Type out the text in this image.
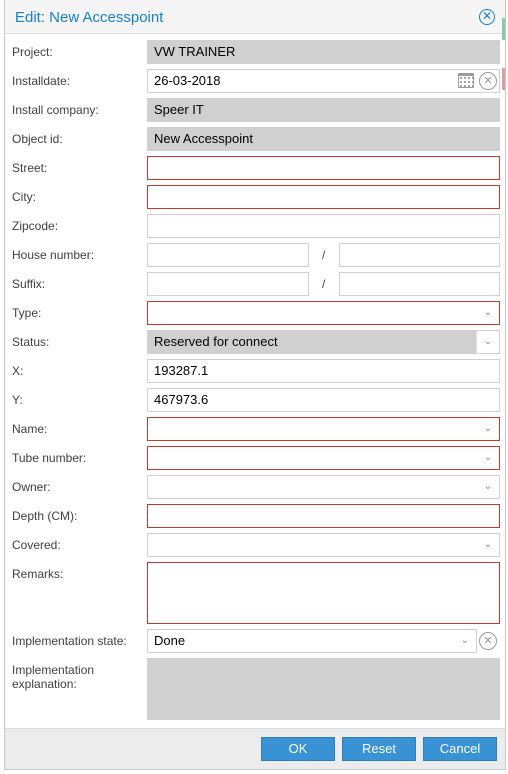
Edit: New Accesspoint	✕
Project:	VW TRAINER
Installdate:	26-03-2018	✕
Install company:	Speer IT
Object id:	New Accesspoint
Street:
City:
Zipcode:
House number:	/
Suffix:	/
Type:	⌄
Status:	Reserved for connect	⌄
X:	193287.1
Y:	467973.6
Name:	⌄
Tube number:	⌄
Owner:	⌄
Depth (CM):
Covered:	⌄
Remarks:
Implementation state:	Done	⌄	✕
Implementation explanation:
OK	Reset	Cancel
